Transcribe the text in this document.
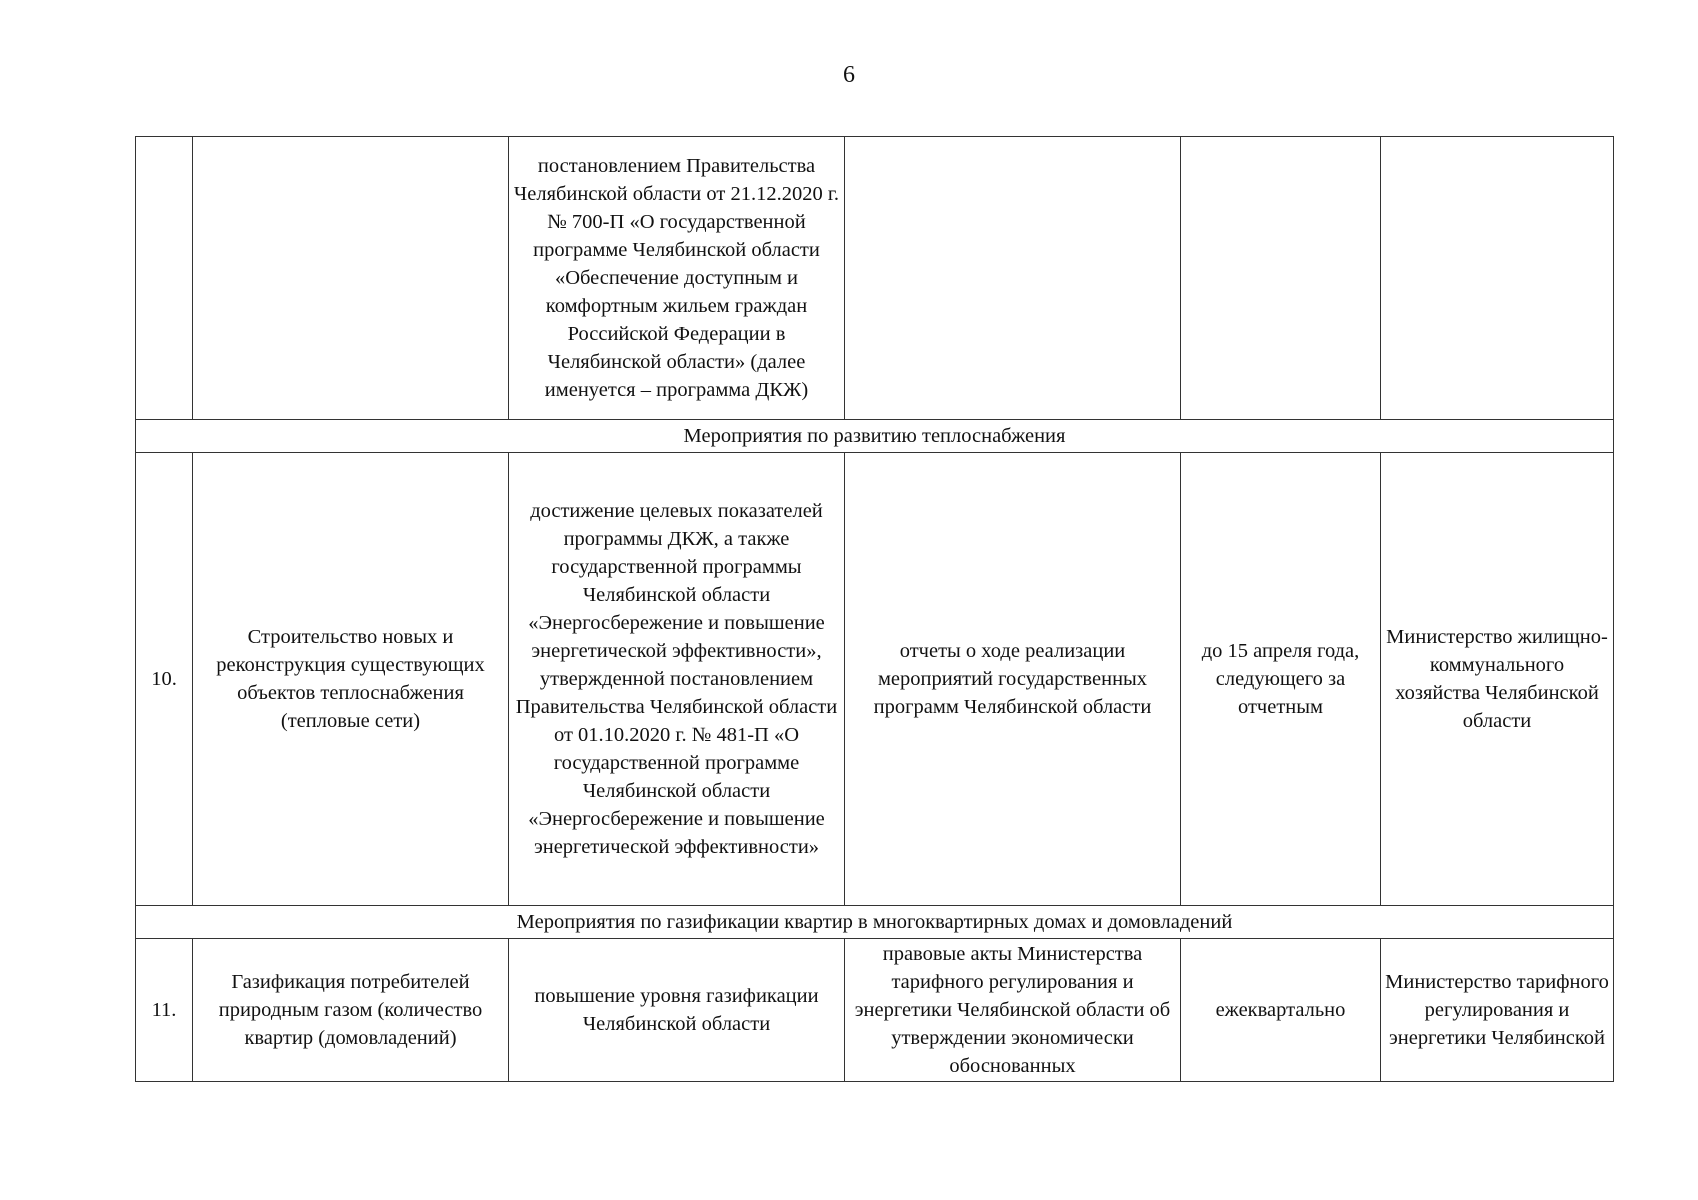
6

		постановлением Правительства Челябинской области от 21.12.2020 г. № 700-П «О государственной программе Челябинской области «Обеспечение доступным и комфортным жильем граждан Российской Федерации в Челябинской области» (далее именуется – программа ДКЖ)			

Мероприятия по развитию теплоснабжения					
10.	Строительство новых и реконструкция существующих объектов теплоснабжения (тепловые сети)	достижение целевых показателей программы ДКЖ, а также государственной программы Челябинской области «Энергосбережение и повышение энергетической эффективности», утвержденной постановлением Правительства Челябинской области от 01.10.2020 г. № 481-П «О государственной программе Челябинской области «Энергосбережение и повышение энергетической эффективности»	отчеты о ходе реализации мероприятий государственных программ Челябинской области	до 15 апреля года, следующего за отчетным	Министерство жилищно-коммунального хозяйства Челябинской области

Мероприятия по газификации квартир в многоквартирных домах и домовладений					
11.	Газификация потребителей природным газом (количество квартир (домовладений)	повышение уровня газификации Челябинской области	правовые акты Министерства тарифного регулирования и энергетики Челябинской области об утверждении экономически обоснованных	ежеквартально	Министерство тарифного регулирования и энергетики Челябинской
